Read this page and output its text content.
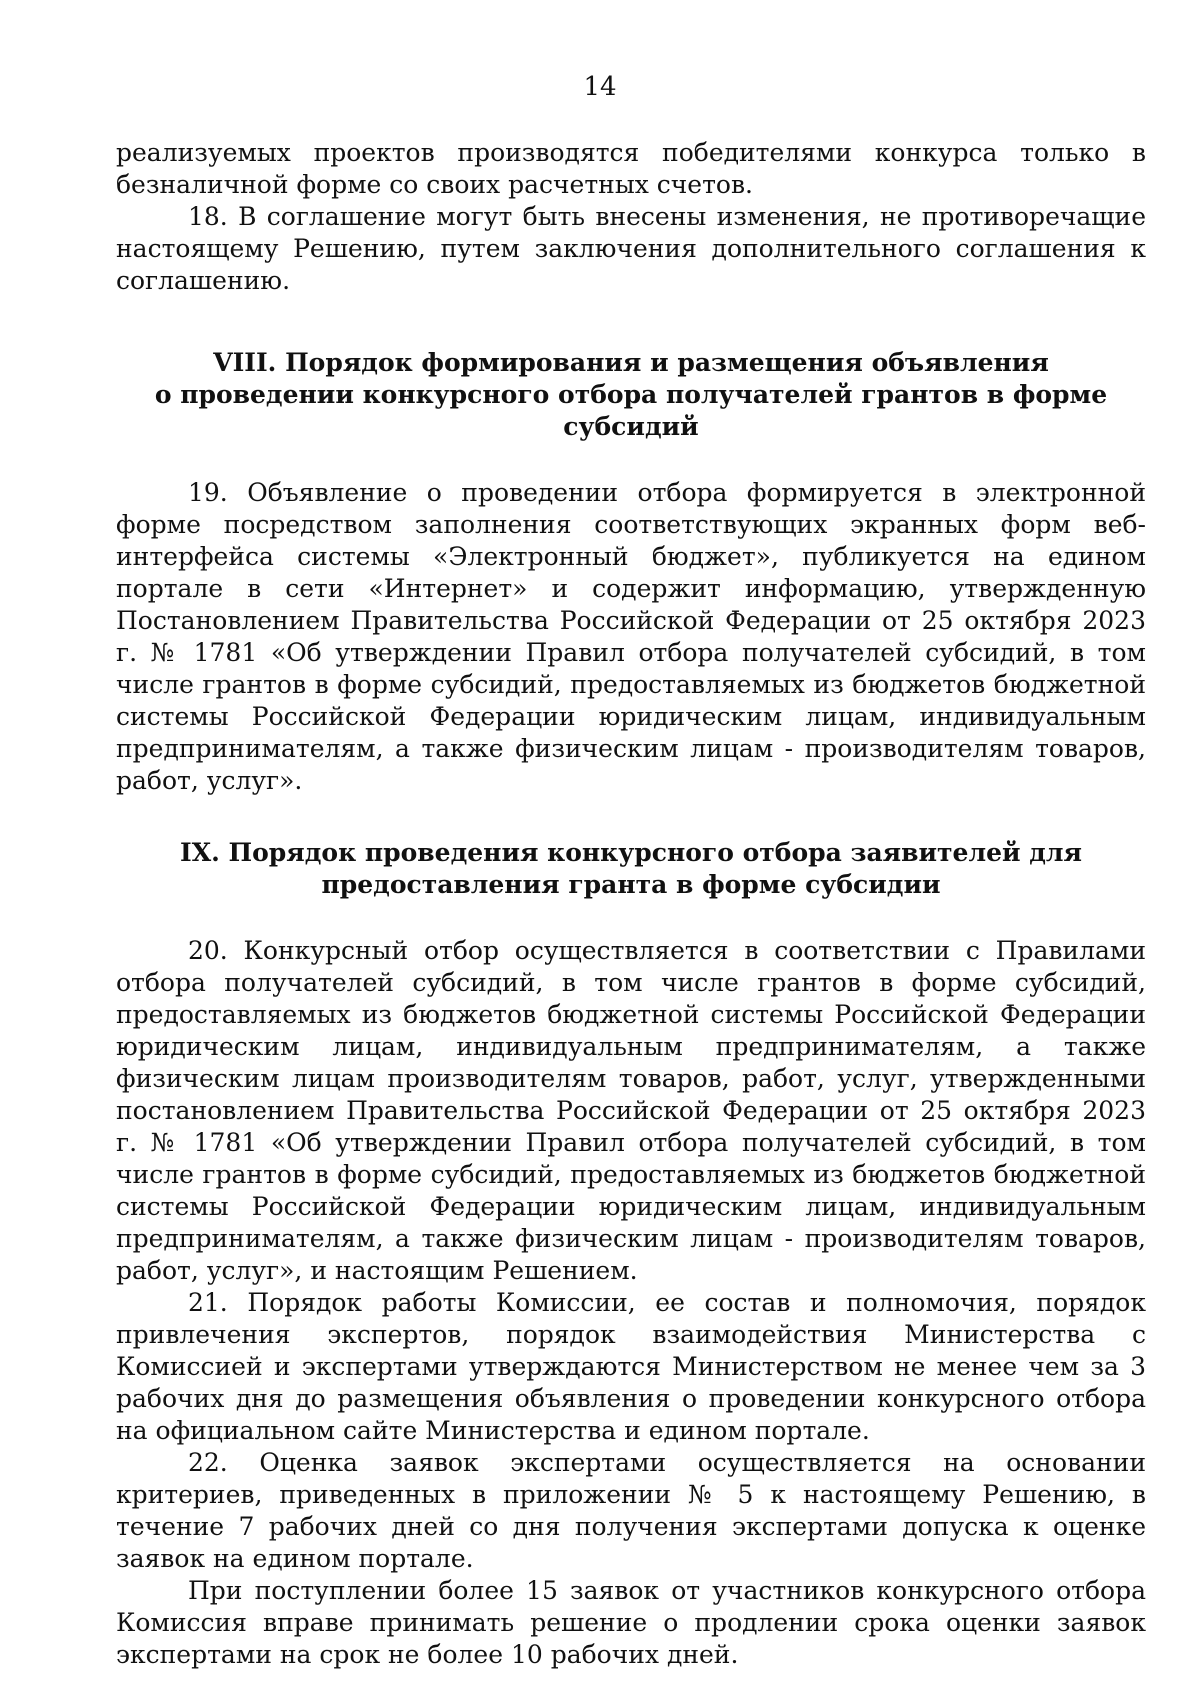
14

реализуемых проектов производятся победителями конкурса только в безналичной форме со своих расчетных счетов.

18. В соглашение могут быть внесены изменения, не противоречащие настоящему Решению, путем заключения дополнительного соглашения к соглашению.

VIII. Порядок формирования и размещения объявления
о проведении конкурсного отбора получателей грантов в форме субсидий

19. Объявление о проведении отбора формируется в электронной форме посредством заполнения соответствующих экранных форм веб-интерфейса системы «Электронный бюджет», публикуется на едином портале в сети «Интернет» и содержит информацию, утвержденную Постановлением Правительства Российской Федерации от 25 октября 2023 г. № 1781 «Об утверждении Правил отбора получателей субсидий, в том числе грантов в форме субсидий, предоставляемых из бюджетов бюджетной системы Российской Федерации юридическим лицам, индивидуальным предпринимателям, а также физическим лицам - производителям товаров, работ, услуг».

IX. Порядок проведения конкурсного отбора заявителей для
предоставления гранта в форме субсидии

20. Конкурсный отбор осуществляется в соответствии с Правилами отбора получателей субсидий, в том числе грантов в форме субсидий, предоставляемых из бюджетов бюджетной системы Российской Федерации юридическим лицам, индивидуальным предпринимателям, а также физическим лицам производителям товаров, работ, услуг, утвержденными постановлением Правительства Российской Федерации от 25 октября 2023 г. № 1781 «Об утверждении Правил отбора получателей субсидий, в том числе грантов в форме субсидий, предоставляемых из бюджетов бюджетной системы Российской Федерации юридическим лицам, индивидуальным предпринимателям, а также физическим лицам - производителям товаров, работ, услуг», и настоящим Решением.

21. Порядок работы Комиссии, ее состав и полномочия, порядок привлечения экспертов, порядок взаимодействия Министерства с Комиссией и экспертами утверждаются Министерством не менее чем за 3 рабочих дня до размещения объявления о проведении конкурсного отбора на официальном сайте Министерства и едином портале.

22. Оценка заявок экспертами осуществляется на основании критериев, приведенных в приложении № 5 к настоящему Решению, в течение 7 рабочих дней со дня получения экспертами допуска к оценке заявок на едином портале.

При поступлении более 15 заявок от участников конкурсного отбора Комиссия вправе принимать решение о продлении срока оценки заявок экспертами на срок не более 10 рабочих дней.
